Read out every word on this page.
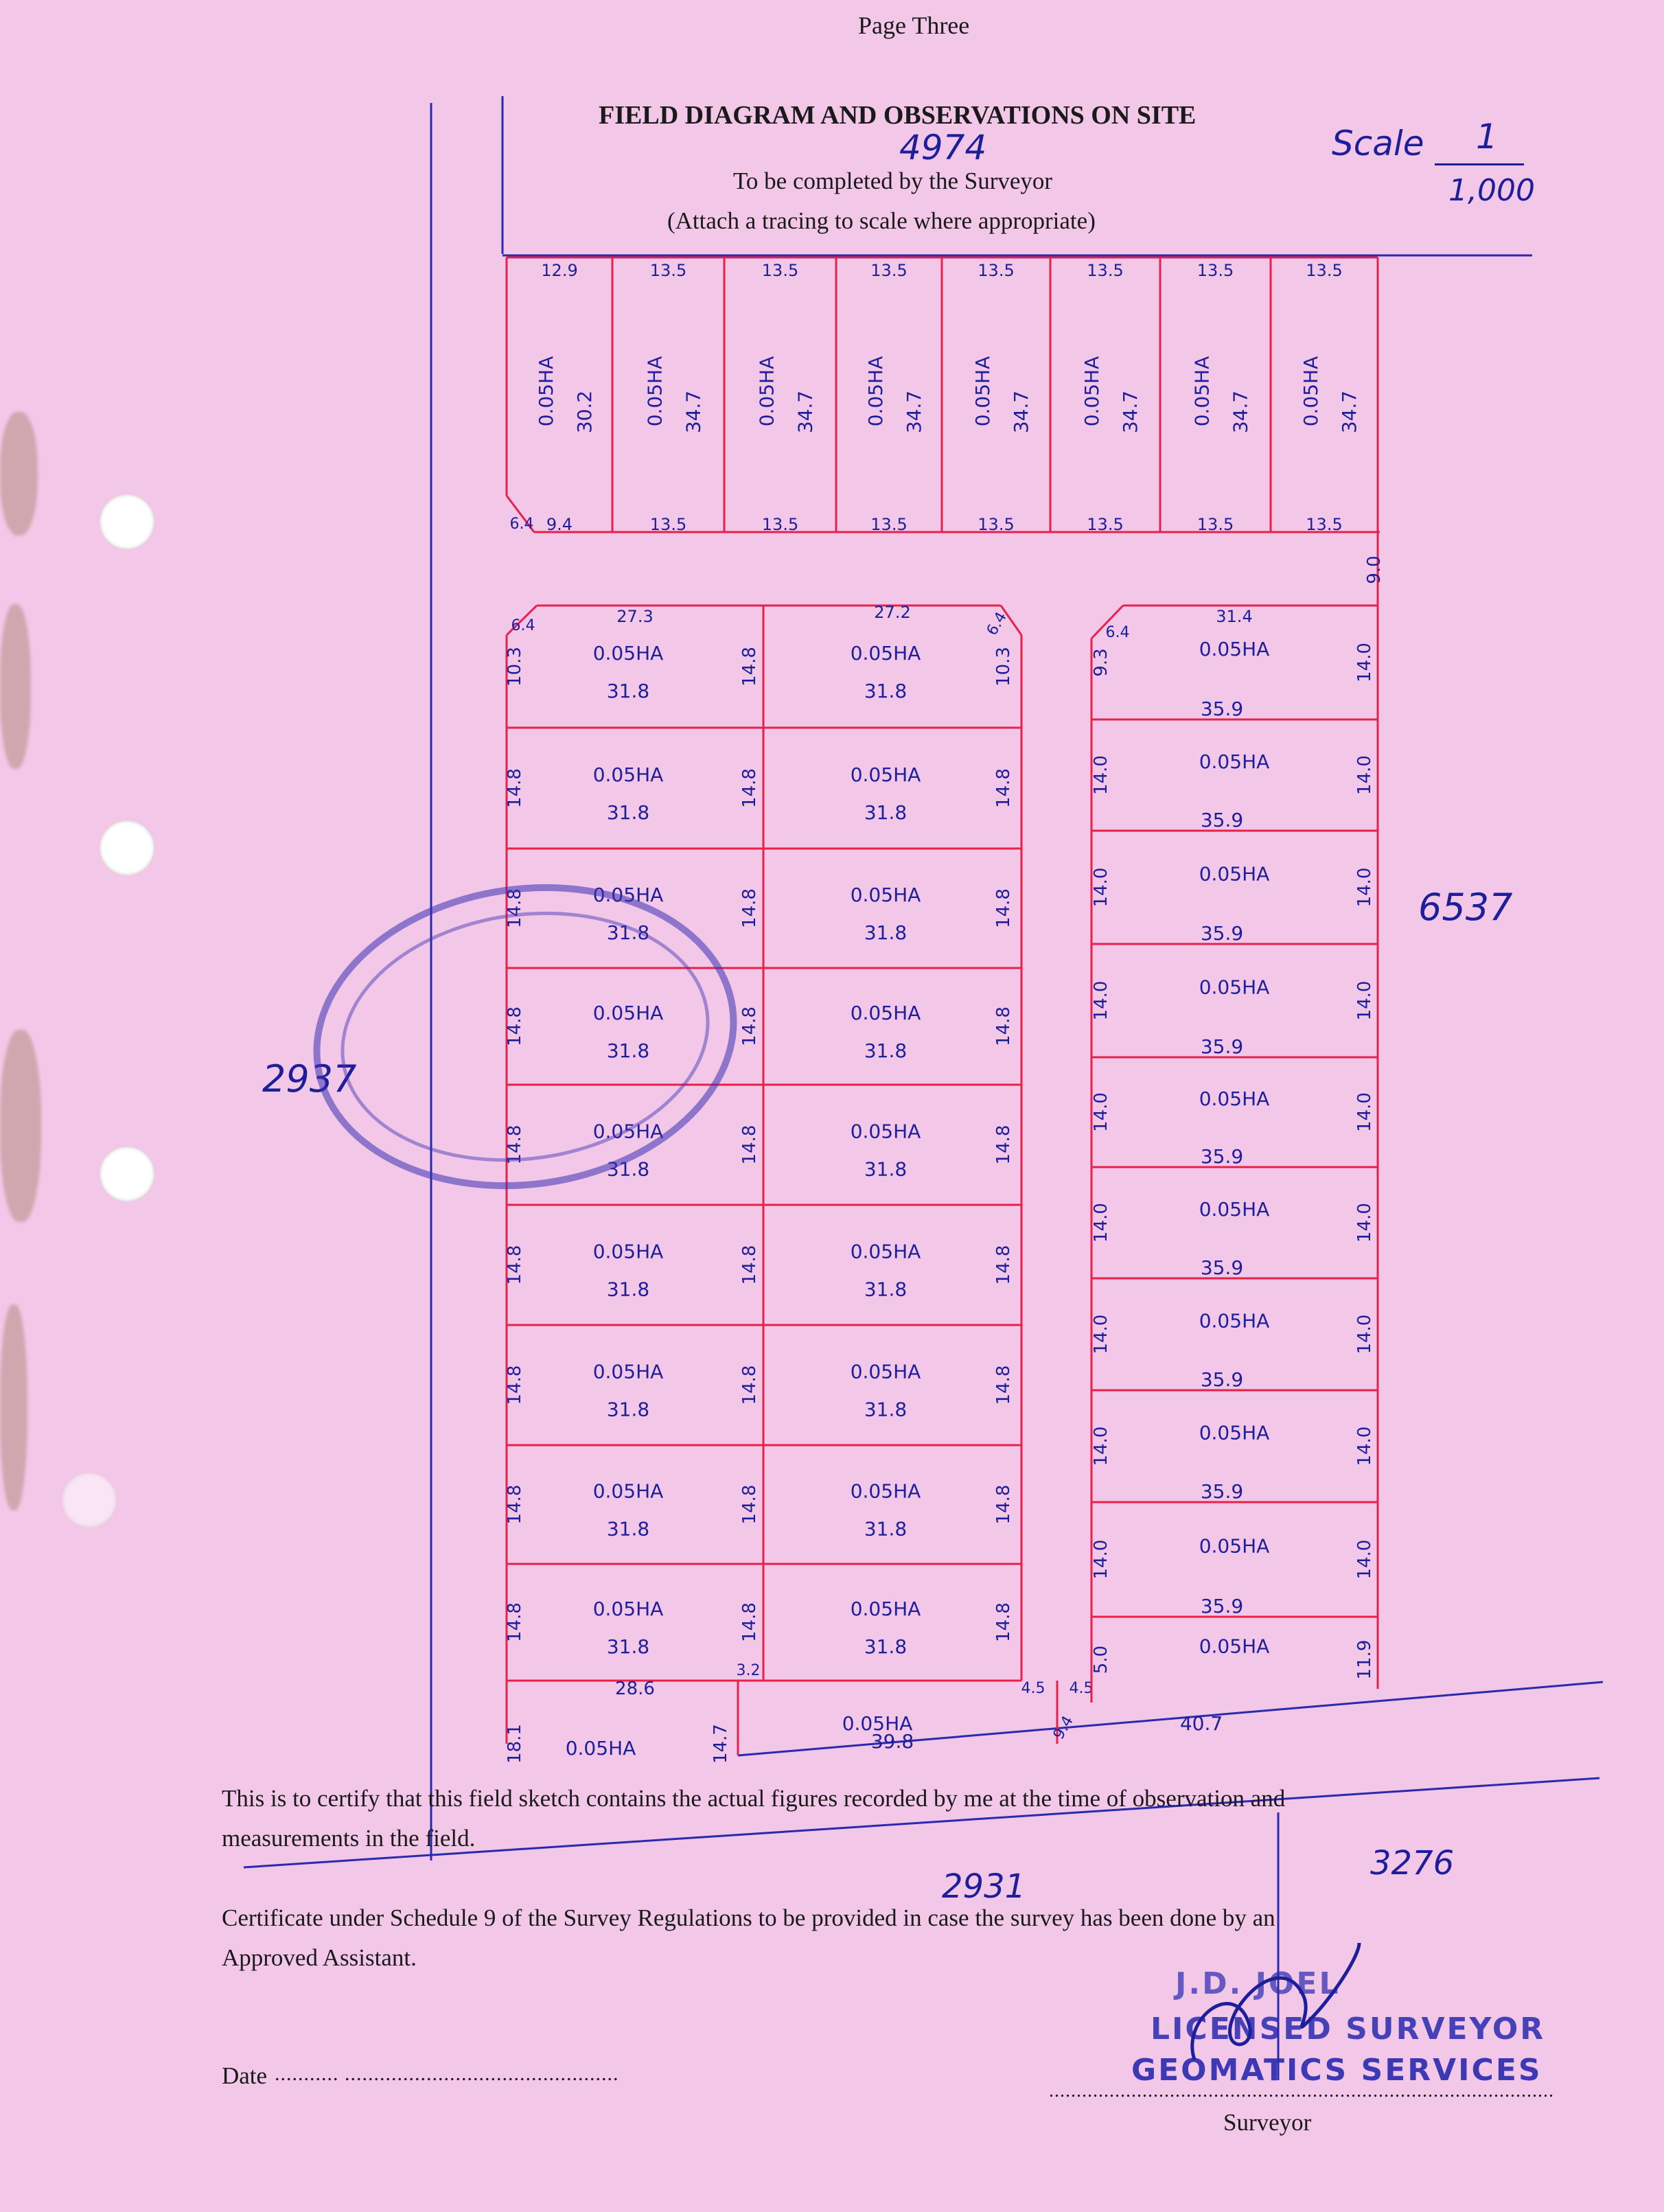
Page Three
FIELD DIAGRAM AND OBSERVATIONS ON SITE
To be completed by the Surveyor
(Attach a tracing to scale where appropriate)
4974	Scale 1
1,000
6537
2937
2931
3276
12.9
9.4
0.05HA 30.2
13.5
13.5
0.05HA 34.7
13.5
13.5
0.05HA 34.7
13.5
13.5
0.05HA 34.7
13.5
13.5
0.05HA 34.7
13.5
13.5
0.05HA 34.7
13.5
13.5
0.05HA 34.7
13.5
13.5
0.05HA 34.7
6.4
9.0
27.3	27.2
6.4	6.4
0.05HA
31.8
0.05HA
31.8
10.3	14.8	10.3
0.05HA
31.8
0.05HA
31.8
14.8	14.8	14.8
0.05HA
31.8
0.05HA
31.8
14.8	14.8	14.8
0.05HA
31.8
0.05HA
31.8
14.8	14.8	14.8
0.05HA
31.8
0.05HA
31.8
14.8	14.8	14.8
0.05HA
31.8
0.05HA
31.8
14.8	14.8	14.8
0.05HA
31.8
0.05HA
31.8
14.8	14.8	14.8
0.05HA
31.8
0.05HA
31.8
14.8	14.8	14.8
0.05HA
31.8
0.05HA
31.8
14.8	14.8	14.8
28.6
39.8
18.1	14.7
3.2
4.5 4.5
9.4
0.05HA
0.05HA
31.4
6.4
0.05HA
35.9
9.3	14.0
0.05HA
35.9
14.0	14.0
0.05HA
35.9
14.0	14.0
0.05HA
35.9
14.0	14.0
0.05HA
35.9
14.0	14.0
0.05HA
35.9
14.0	14.0
0.05HA
35.9
14.0	14.0
0.05HA
35.9
14.0	14.0
0.05HA
35.9
14.0	14.0
0.05HA
5.0	11.9
40.7
This is to certify that this field sketch contains the actual figures recorded by me at the time of observation and
measurements in the field.
Certificate under Schedule 9 of the Survey Regulations to be provided in case the survey has been done by an
Approved Assistant.
Date ........... ...............................................
............................................................................................
Surveyor
J.D. JOEL
LICENSED SURVEYOR
GEOMATICS SERVICES
